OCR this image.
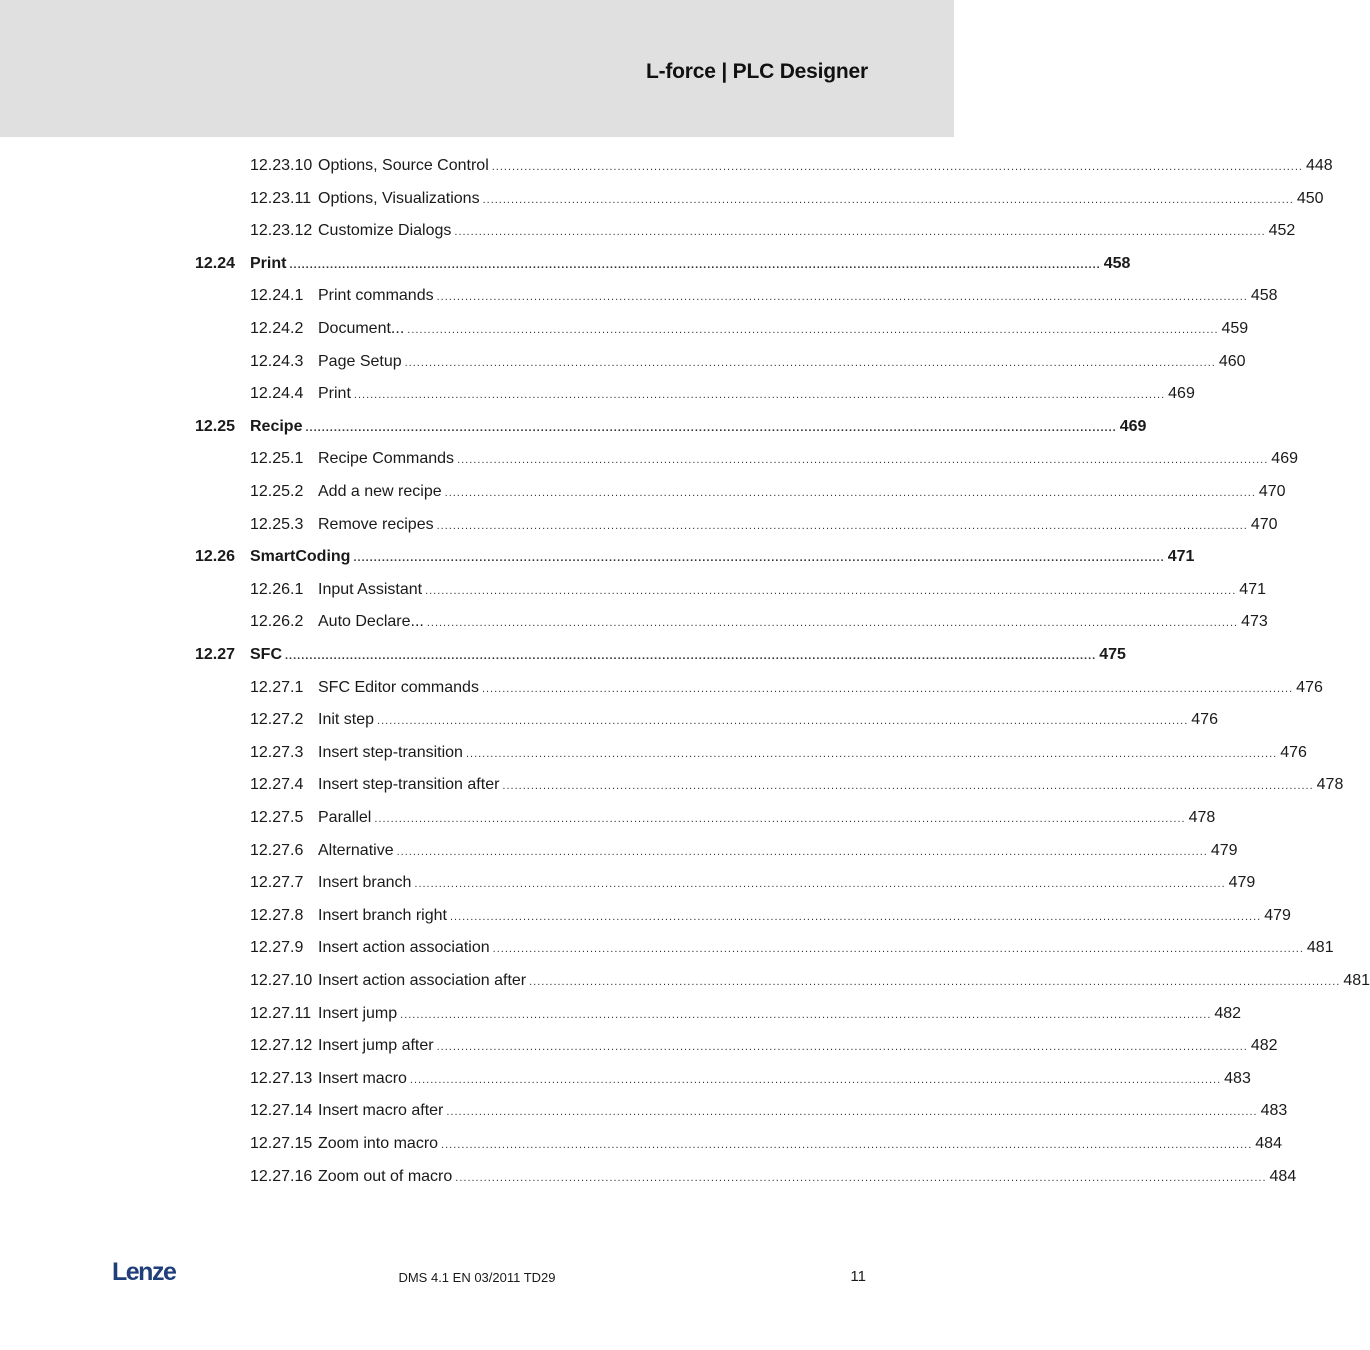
L-force | PLC Designer
12.23.10 Options, Source Control ........................................................................................................................................................................................................ 448
12.23.11 Options, Visualizations ........................................................................................................................................................................................................ 450
12.23.12 Customize Dialogs ........................................................................................................................................................................................................ 452
12.24 Print ........................................................................................................................................................................................................ 458
12.24.1 Print commands ........................................................................................................................................................................................................ 458
12.24.2 Document... ........................................................................................................................................................................................................ 459
12.24.3 Page Setup ........................................................................................................................................................................................................ 460
12.24.4 Print ........................................................................................................................................................................................................ 469
12.25 Recipe ........................................................................................................................................................................................................ 469
12.25.1 Recipe Commands ........................................................................................................................................................................................................ 469
12.25.2 Add a new recipe ........................................................................................................................................................................................................ 470
12.25.3 Remove recipes ........................................................................................................................................................................................................ 470
12.26 SmartCoding ........................................................................................................................................................................................................ 471
12.26.1 Input Assistant ........................................................................................................................................................................................................ 471
12.26.2 Auto Declare... ........................................................................................................................................................................................................ 473
12.27 SFC ........................................................................................................................................................................................................ 475
12.27.1 SFC Editor commands ........................................................................................................................................................................................................ 476
12.27.2 Init step ........................................................................................................................................................................................................ 476
12.27.3 Insert step-transition ........................................................................................................................................................................................................ 476
12.27.4 Insert step-transition after ........................................................................................................................................................................................................ 478
12.27.5 Parallel ........................................................................................................................................................................................................ 478
12.27.6 Alternative ........................................................................................................................................................................................................ 479
12.27.7 Insert branch ........................................................................................................................................................................................................ 479
12.27.8 Insert branch right ........................................................................................................................................................................................................ 479
12.27.9 Insert action association ........................................................................................................................................................................................................ 481
12.27.10 Insert action association after ........................................................................................................................................................................................................ 481
12.27.11 Insert jump ........................................................................................................................................................................................................ 482
12.27.12 Insert jump after ........................................................................................................................................................................................................ 482
12.27.13 Insert macro ........................................................................................................................................................................................................ 483
12.27.14 Insert macro after ........................................................................................................................................................................................................ 483
12.27.15 Zoom into macro ........................................................................................................................................................................................................ 484
12.27.16 Zoom out of macro ........................................................................................................................................................................................................ 484
Lenze	DMS 4.1 EN 03/2011 TD29	11
